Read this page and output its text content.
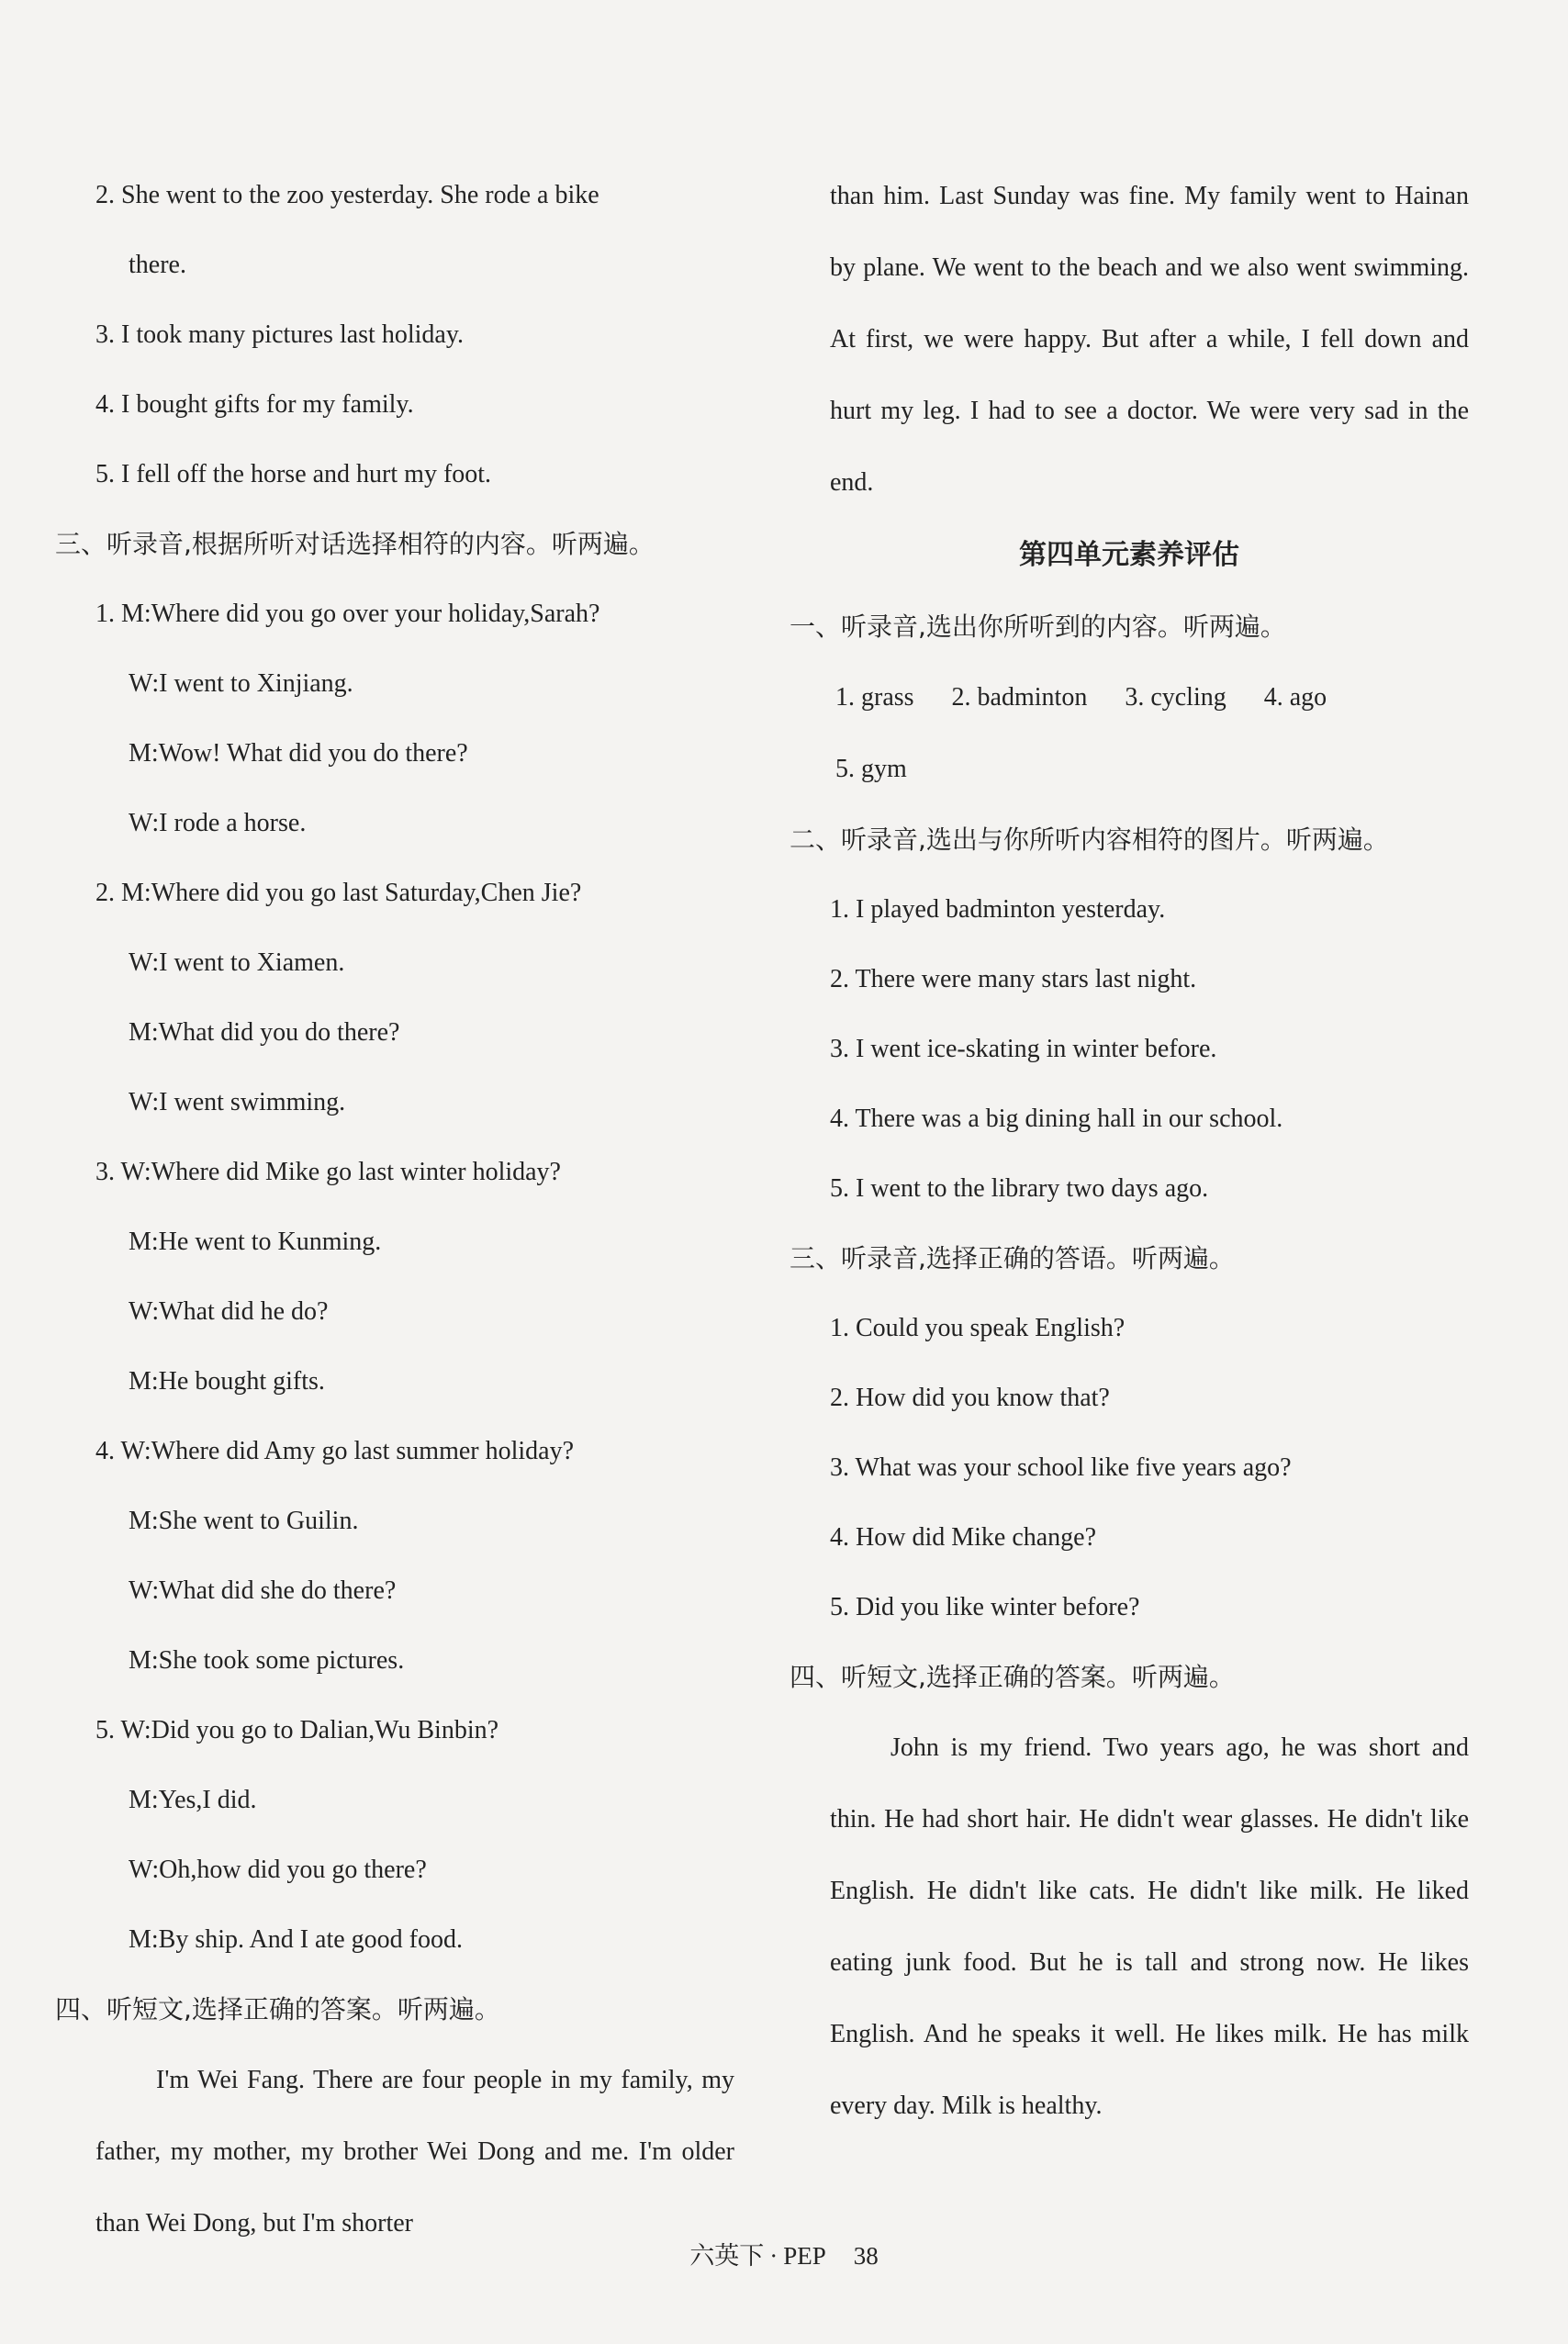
2. She went to the zoo yesterday. She rode a bike
there.
3. I took many pictures last holiday.
4. I bought gifts for my family.
5. I fell off the horse and hurt my foot.
三、听录音,根据所听对话选择相符的内容。听两遍。
1. M:Where did you go over your holiday,Sarah?
W:I went to Xinjiang.
M:Wow! What did you do there?
W:I rode a horse.
2. M:Where did you go last Saturday,Chen Jie?
W:I went to Xiamen.
M:What did you do there?
W:I went swimming.
3. W:Where did Mike go last winter holiday?
M:He went to Kunming.
W:What did he do?
M:He bought gifts.
4. W:Where did Amy go last summer holiday?
M:She went to Guilin.
W:What did she do there?
M:She took some pictures.
5. W:Did you go to Dalian,Wu Binbin?
M:Yes,I did.
W:Oh,how did you go there?
M:By ship. And I ate good food.
四、听短文,选择正确的答案。听两遍。
I'm Wei Fang. There are four people in my family, my father, my mother, my brother Wei Dong and me. I'm older than Wei Dong, but I'm shorter
than him. Last Sunday was fine. My family went to Hainan by plane. We went to the beach and we also went swimming. At first, we were happy. But after a while, I fell down and hurt my leg. I had to see a doctor. We were very sad in the end.
第四单元素养评估
一、听录音,选出你所听到的内容。听两遍。
1. grass 2. badminton 3. cycling 4. ago
5. gym
二、听录音,选出与你所听内容相符的图片。听两遍。
1. I played badminton yesterday.
2. There were many stars last night.
3. I went ice-skating in winter before.
4. There was a big dining hall in our school.
5. I went to the library two days ago.
三、听录音,选择正确的答语。听两遍。
1. Could you speak English?
2. How did you know that?
3. What was your school like five years ago?
4. How did Mike change?
5. Did you like winter before?
四、听短文,选择正确的答案。听两遍。
John is my friend. Two years ago, he was short and thin. He had short hair. He didn't wear glasses. He didn't like English. He didn't like cats. He didn't like milk. He liked eating junk food. But he is tall and strong now. He likes English. And he speaks it well. He likes milk. He has milk every day. Milk is healthy.
六英下 · PEP 38
